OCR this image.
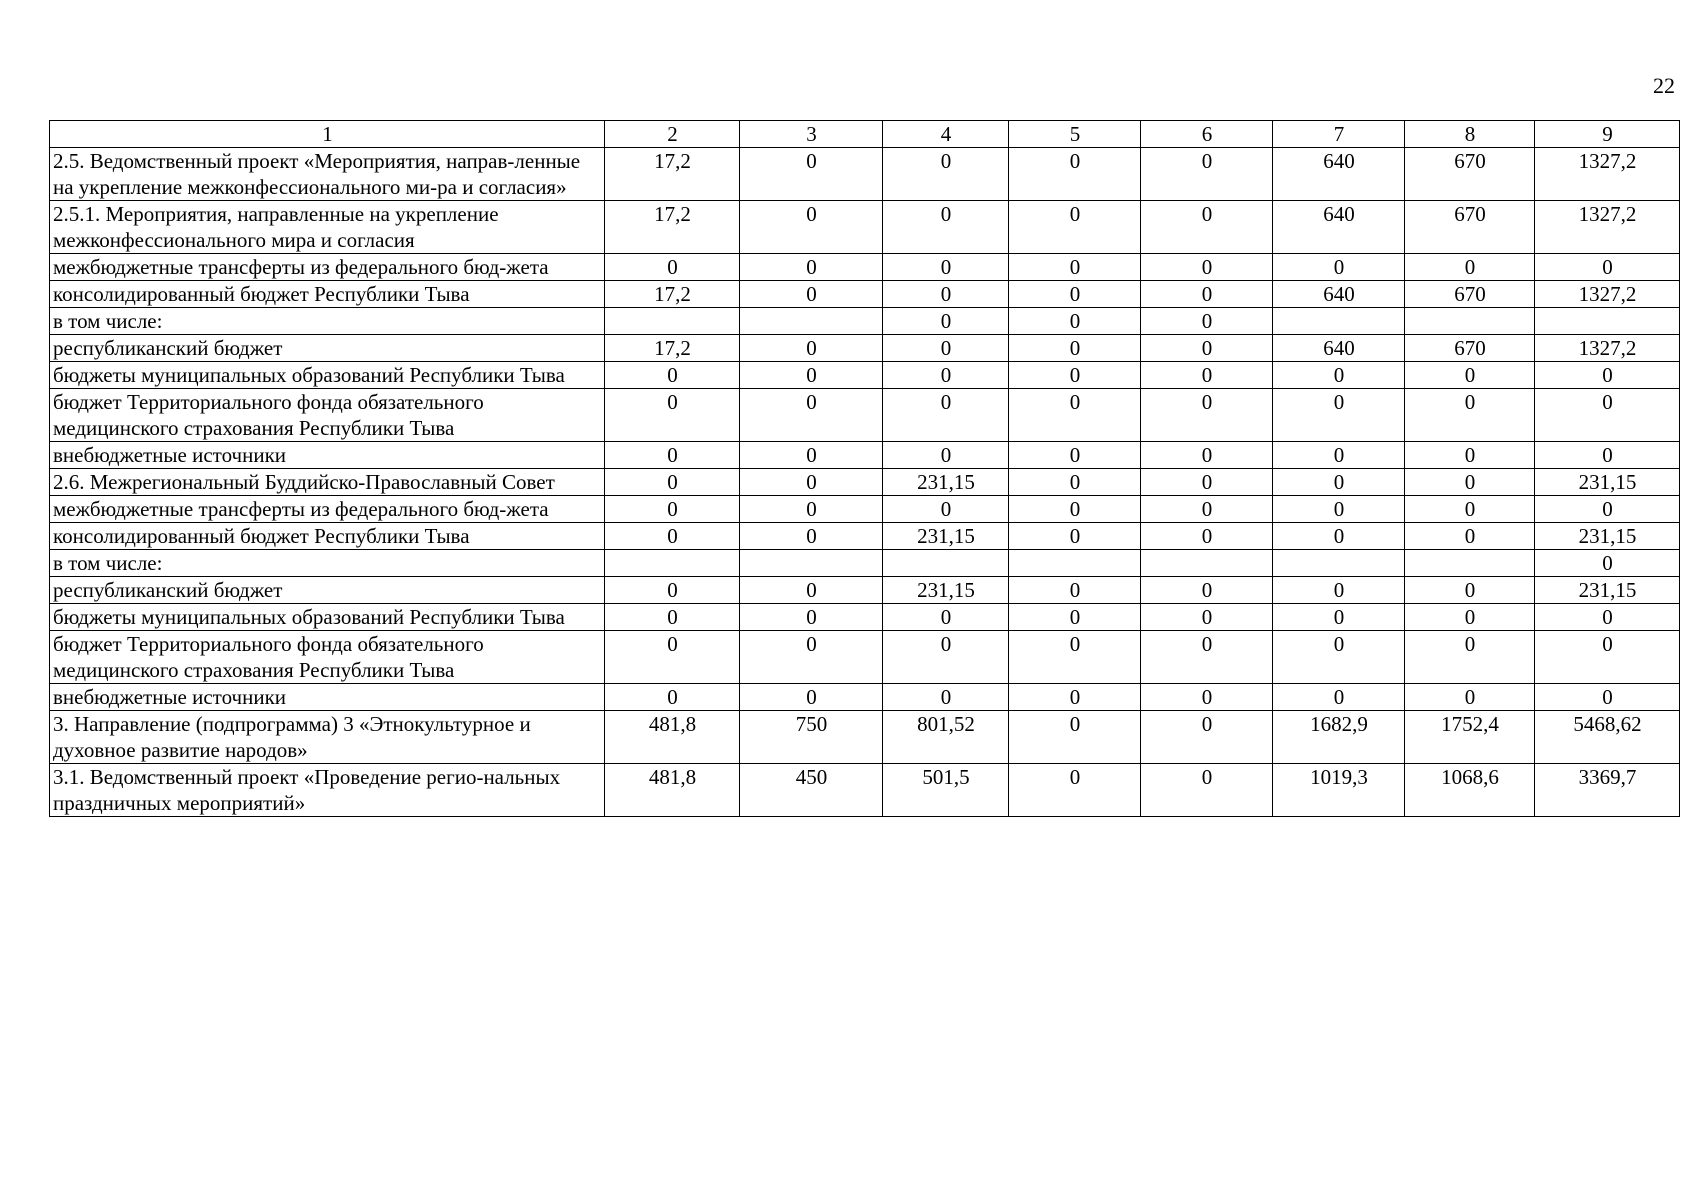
22
1	2	3	4	5	6	7	8	9
2.5. Ведомственный проект «Мероприятия, направ-ленные на укрепление межконфессионального ми-ра и согласия»	17,2	0	0	0	0	640	670	1327,2
2.5.1. Мероприятия, направленные на укрепление межконфессионального мира и согласия	17,2	0	0	0	0	640	670	1327,2
межбюджетные трансферты из федерального бюд-жета	0	0	0	0	0	0	0	0
консолидированный бюджет Республики Тыва	17,2	0	0	0	0	640	670	1327,2
в том числе:			0	0	0			
республиканский бюджет	17,2	0	0	0	0	640	670	1327,2
бюджеты муниципальных образований Республики Тыва	0	0	0	0	0	0	0	0
бюджет Территориального фонда обязательного медицинского страхования Республики Тыва	0	0	0	0	0	0	0	0
внебюджетные источники	0	0	0	0	0	0	0	0
2.6. Межрегиональный Буддийско-Православный Совет	0	0	231,15	0	0	0	0	231,15
межбюджетные трансферты из федерального бюд-жета	0	0	0	0	0	0	0	0
консолидированный бюджет Республики Тыва	0	0	231,15	0	0	0	0	231,15
в том числе:								0
республиканский бюджет	0	0	231,15	0	0	0	0	231,15
бюджеты муниципальных образований Республики Тыва	0	0	0	0	0	0	0	0
бюджет Территориального фонда обязательного медицинского страхования Республики Тыва	0	0	0	0	0	0	0	0
внебюджетные источники	0	0	0	0	0	0	0	0
3. Направление (подпрограмма) 3 «Этнокультурное и духовное развитие народов»	481,8	750	801,52	0	0	1682,9	1752,4	5468,62
3.1. Ведомственный проект «Проведение регио-нальных праздничных мероприятий»	481,8	450	501,5	0	0	1019,3	1068,6	3369,7
